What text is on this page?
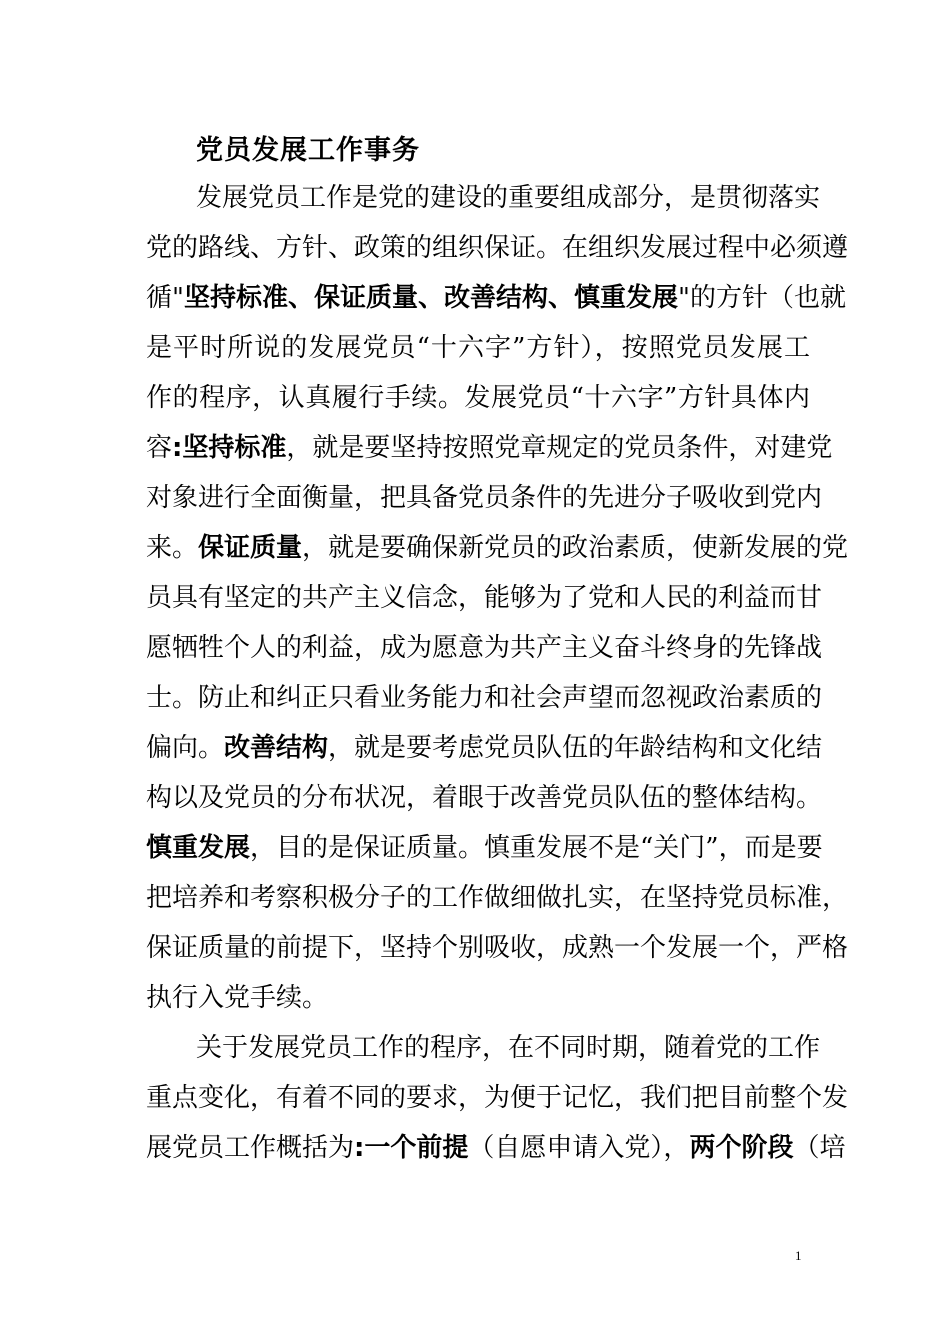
党员发展工作事务
发展党员工作是党的建设的重要组成部分，是贯彻落实
党的路线、方针、政策的组织保证。在组织发展过程中必须遵
循"坚持标准、保证质量、改善结构、慎重发展"的方针（也就
是平时所说的发展党员“十六字”方针），按照党员发展工
作的程序，认真履行手续。发展党员“十六字”方针具体内
容:坚持标准，就是要坚持按照党章规定的党员条件，对建党
对象进行全面衡量，把具备党员条件的先进分子吸收到党内
来。保证质量，就是要确保新党员的政治素质，使新发展的党
员具有坚定的共产主义信念，能够为了党和人民的利益而甘
愿牺牲个人的利益，成为愿意为共产主义奋斗终身的先锋战
士。防止和纠正只看业务能力和社会声望而忽视政治素质的
偏向。改善结构，就是要考虑党员队伍的年龄结构和文化结
构以及党员的分布状况，着眼于改善党员队伍的整体结构。
慎重发展，目的是保证质量。慎重发展不是“关门”，而是要
把培养和考察积极分子的工作做细做扎实，在坚持党员标准，
保证质量的前提下，坚持个别吸收，成熟一个发展一个，严格
执行入党手续。
关于发展党员工作的程序，在不同时期，随着党的工作
重点变化，有着不同的要求，为便于记忆，我们把目前整个发
展党员工作概括为:一个前提（自愿申请入党），两个阶段（培
1
